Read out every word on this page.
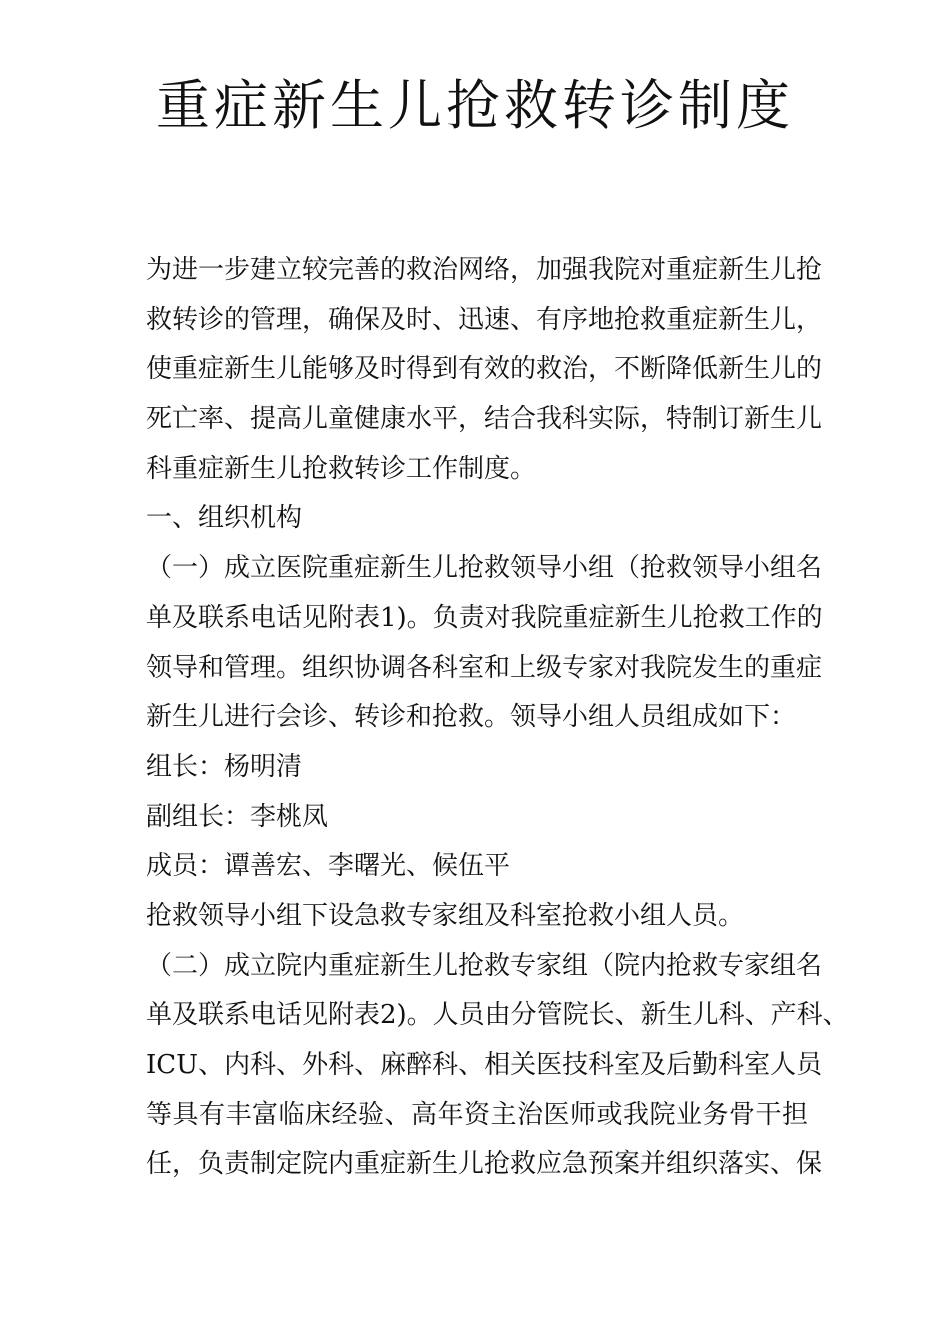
重症新生儿抢救转诊制度
为进一步建立较完善的救治网络，加强我院对重症新生儿抢
救转诊的管理，确保及时、迅速、有序地抢救重症新生儿，
使重症新生儿能够及时得到有效的救治，不断降低新生儿的
死亡率、提高儿童健康水平，结合我科实际，特制订新生儿
科重症新生儿抢救转诊工作制度。
一、组织机构
（一）成立医院重症新生儿抢救领导小组（抢救领导小组名
单及联系电话见附表1)。负责对我院重症新生儿抢救工作的
领导和管理。组织协调各科室和上级专家对我院发生的重症
新生儿进行会诊、转诊和抢救。领导小组人员组成如下：
组长：杨明清
副组长：李桃凤
成员：谭善宏、李曙光、候伍平
抢救领导小组下设急救专家组及科室抢救小组人员。
（二）成立院内重症新生儿抢救专家组（院内抢救专家组名
单及联系电话见附表2)。人员由分管院长、新生儿科、产科、
ICU、内科、外科、麻醉科、相关医技科室及后勤科室人员
等具有丰富临床经验、高年资主治医师或我院业务骨干担
任，负责制定院内重症新生儿抢救应急预案并组织落实、保
